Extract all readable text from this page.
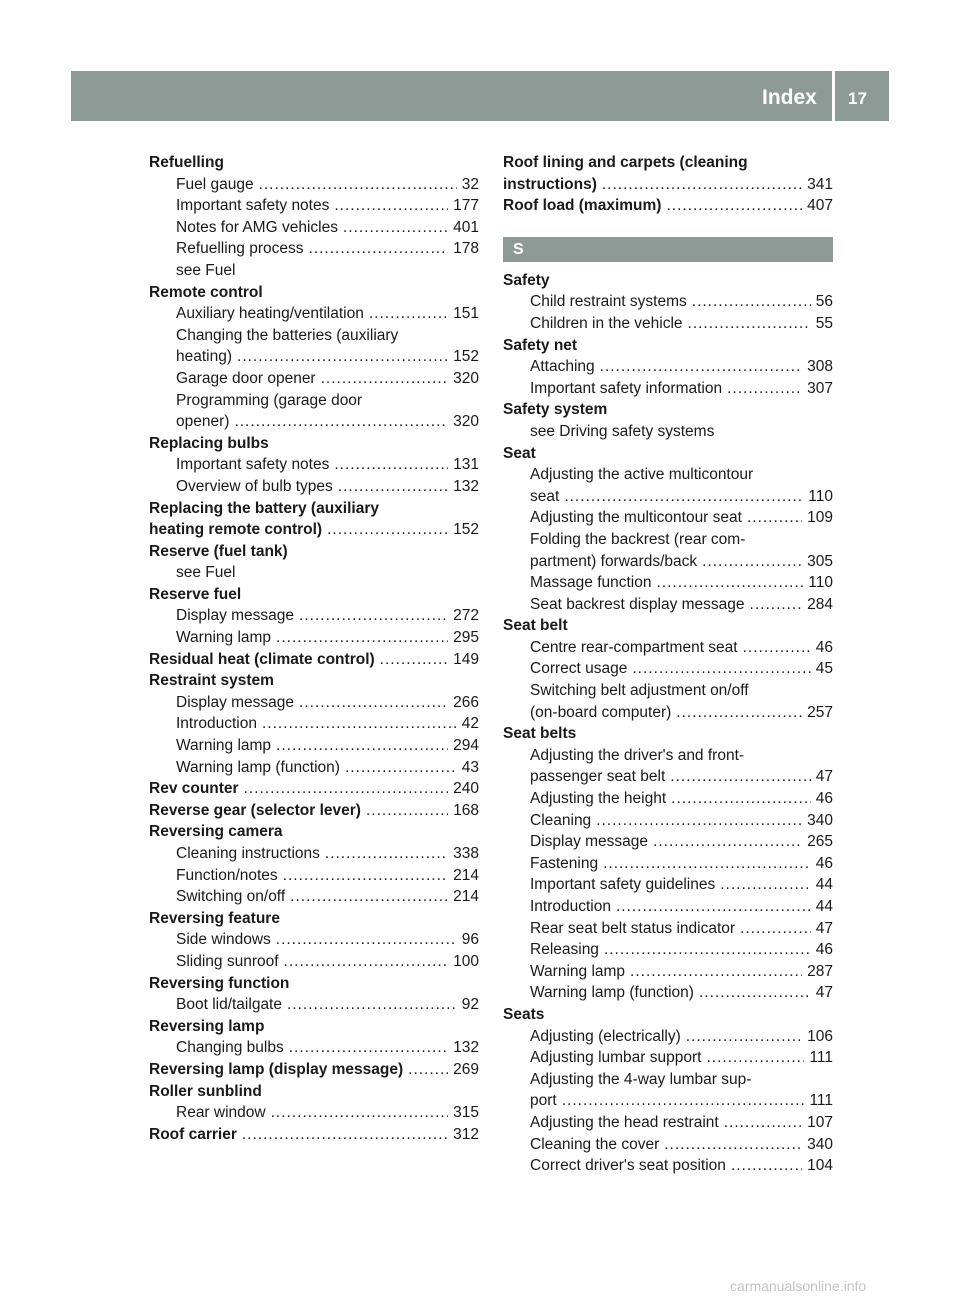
Index 17
Refuelling
Fuel gauge .....	32
Important safety notes .....	177
Notes for AMG vehicles .....	401
Refuelling process .....	178
see Fuel
Remote control
Auxiliary heating/ventilation .....	151
Changing the batteries (auxiliary
heating) .....	152
Garage door opener .....	320
Programming (garage door
opener) .....	320
Replacing bulbs
Important safety notes .....	131
Overview of bulb types .....	132
Replacing the battery (auxiliary
heating remote control) .....	152
Reserve (fuel tank)
see Fuel
Reserve fuel
Display message .....	272
Warning lamp .....	295
Residual heat (climate control) .....	149
Restraint system
Display message .....	266
Introduction .....	42
Warning lamp .....	294
Warning lamp (function) .....	43
Rev counter .....	240
Reverse gear (selector lever) .....	168
Reversing camera
Cleaning instructions .....	338
Function/notes .....	214
Switching on/off .....	214
Reversing feature
Side windows .....	96
Sliding sunroof .....	100
Reversing function
Boot lid/tailgate .....	92
Reversing lamp
Changing bulbs .....	132
Reversing lamp (display message) .....	269
Roller sunblind
Rear window .....	315
Roof carrier .....	312
Roof lining and carpets (cleaning
instructions) .....	341
Roof load (maximum) .....	407
S
Safety
Child restraint systems .....	56
Children in the vehicle .....	55
Safety net
Attaching .....	308
Important safety information .....	307
Safety system
see Driving safety systems
Seat
Adjusting the active multicontour
seat .....	110
Adjusting the multicontour seat .....	109
Folding the backrest (rear com-
partment) forwards/back .....	305
Massage function .....	110
Seat backrest display message .....	284
Seat belt
Centre rear-compartment seat .....	46
Correct usage .....	45
Switching belt adjustment on/off
(on-board computer) .....	257
Seat belts
Adjusting the driver's and front-
passenger seat belt .....	47
Adjusting the height .....	46
Cleaning .....	340
Display message .....	265
Fastening .....	46
Important safety guidelines .....	44
Introduction .....	44
Rear seat belt status indicator .....	47
Releasing .....	46
Warning lamp .....	287
Warning lamp (function) .....	47
Seats
Adjusting (electrically) .....	106
Adjusting lumbar support .....	111
Adjusting the 4-way lumbar sup-
port .....	111
Adjusting the head restraint .....	107
Cleaning the cover .....	340
Correct driver's seat position .....	104
carmanualsonline.info
